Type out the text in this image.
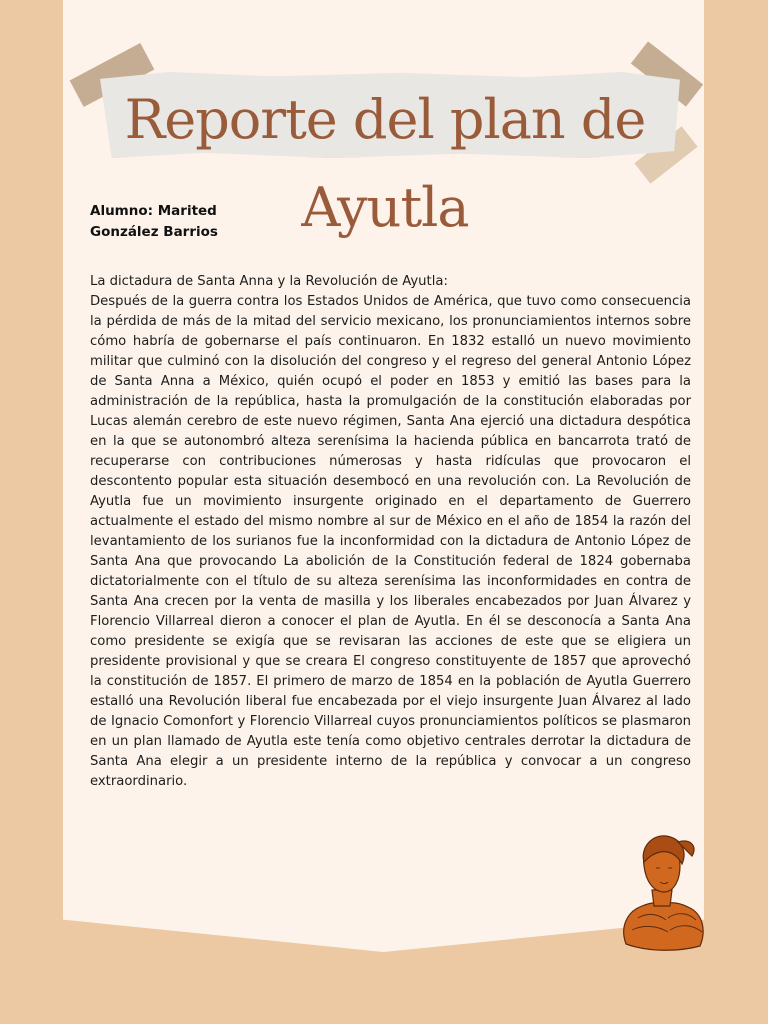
Reporte del plan de Ayutla
Alumno: Marited González Barrios
La dictadura de Santa Anna y la Revolución de Ayutla:

Después de la guerra contra los Estados Unidos de América, que tuvo como consecuencia la pérdida de más de la mitad del servicio mexicano, los pronunciamientos internos sobre cómo habría de gobernarse el país continuaron. En 1832 estalló un nuevo movimiento militar que culminó con la disolución del congreso y el regreso del general Antonio López de Santa Anna a México, quién ocupó el poder en 1853 y emitió las bases para la administración de la república, hasta la promulgación de la constitución elaboradas por Lucas alemán cerebro de este nuevo régimen, Santa Ana ejerció una dictadura despótica en la que se autonombró alteza serenísima la hacienda pública en bancarrota trató de recuperarse con contribuciones númerosas y hasta ridículas que provocaron el descontento popular esta situación desembocó en una revolución con. La Revolución de Ayutla fue un movimiento insurgente originado en el departamento de Guerrero actualmente el estado del mismo nombre al sur de México en el año de 1854 la razón del levantamiento de los surianos fue la inconformidad con la dictadura de Antonio López de Santa Ana que provocando La abolición de la Constitución federal de 1824 gobernaba dictatorialmente con el título de su alteza serenísima las inconformidades en contra de Santa Ana crecen por la venta de masilla y los liberales encabezados por Juan Álvarez y Florencio Villarreal dieron a conocer el plan de Ayutla. En él se desconocía a Santa Ana como presidente se exigía que se revisaran las acciones de este que se eligiera un presidente provisional y que se creara El congreso constituyente de 1857 que aprovechó la constitución de 1857. El primero de marzo de 1854 en la población de Ayutla Guerrero estalló una Revolución liberal fue encabezada por el viejo insurgente Juan Álvarez al lado de Ignacio Comonfort y Florencio Villarreal cuyos pronunciamientos políticos se plasmaron en un plan llamado de Ayutla este tenía como objetivo centrales derrotar la dictadura de Santa Ana elegir a un presidente interno de la república y convocar a un congreso extraordinario.
